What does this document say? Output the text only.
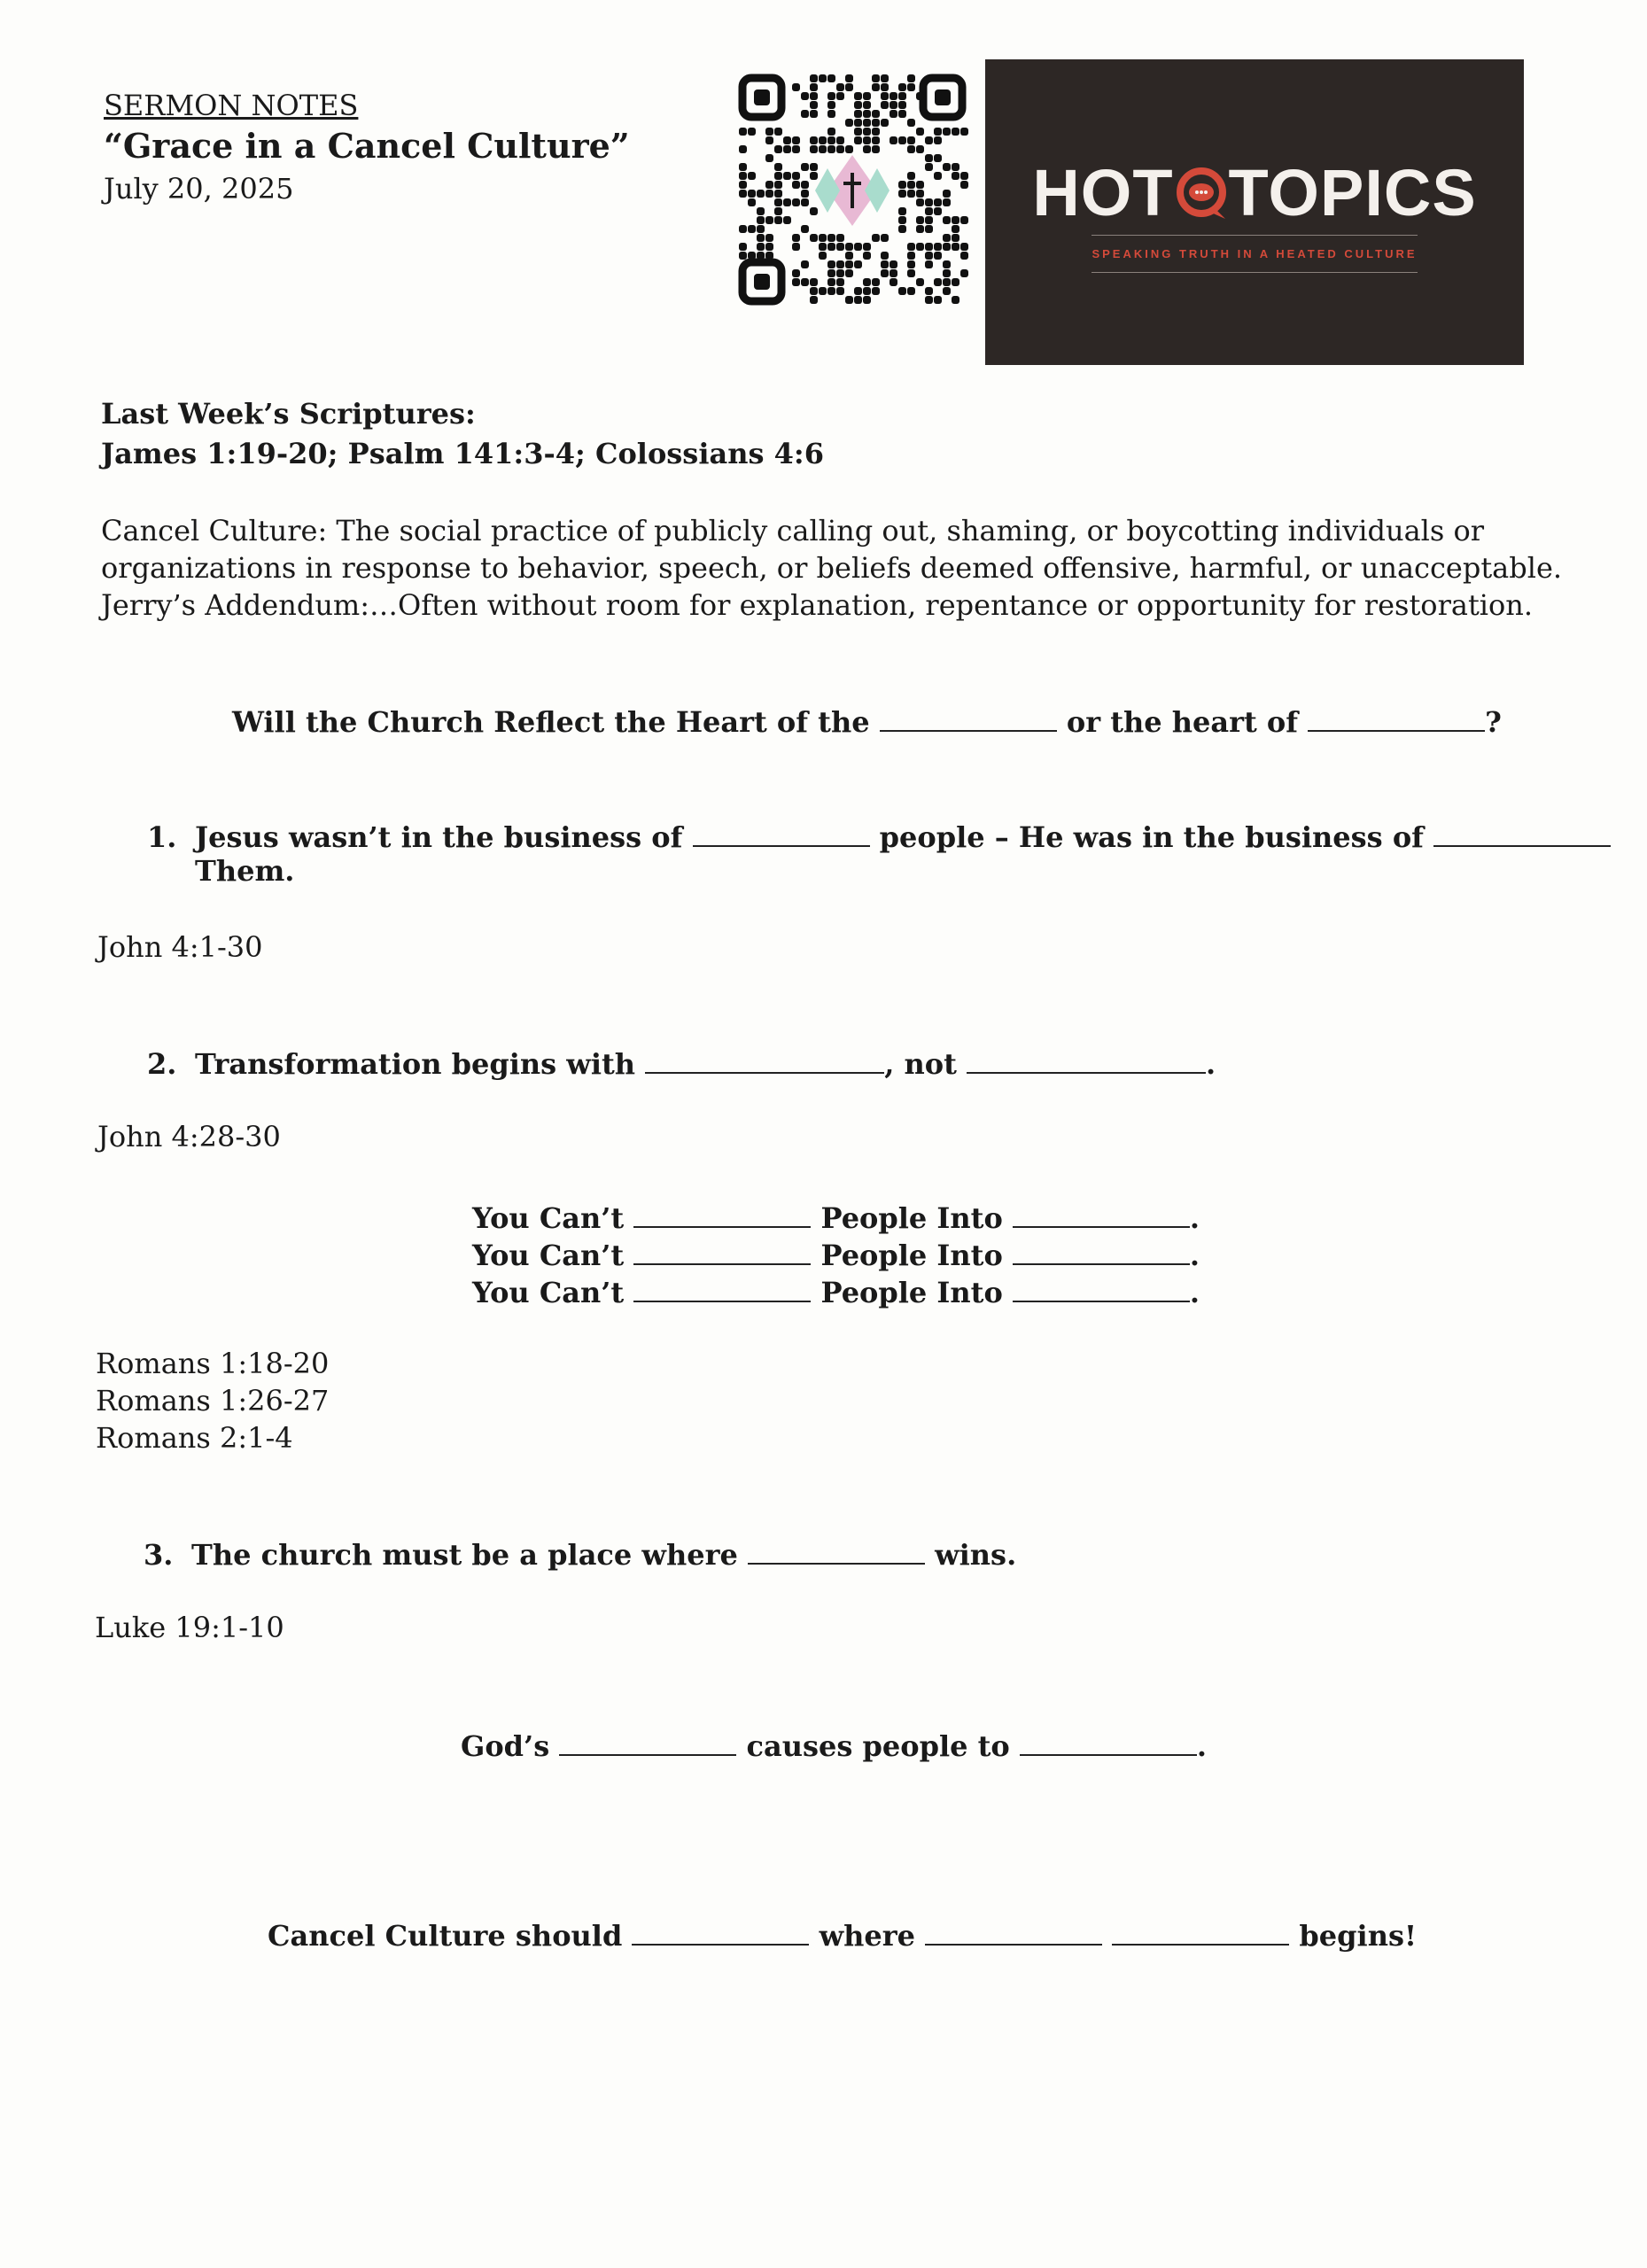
SERMON NOTES
“Grace in a Cancel Culture”
July 20, 2025	HOT TOPICS
SPEAKING TRUTH IN A HEATED CULTURE
Last Week’s Scriptures:
James 1:19-20; Psalm 141:3-4; Colossians 4:6
Cancel Culture: The social practice of publicly calling out, shaming, or boycotting individuals or
organizations in response to behavior, speech, or beliefs deemed offensive, harmful, or unacceptable.
Jerry’s Addendum:…Often without room for explanation, repentance or opportunity for restoration.
Will the Church Reflect the Heart of the	or the heart of	?
1. Jesus wasn’t in the business of	people – He was in the business of
Them.
John 4:1-30
2. Transformation begins with	, not	.
John 4:28-30
You Can’t	People Into	.
You Can’t	People Into	.
You Can’t	People Into	.
Romans 1:18-20
Romans 1:26-27
Romans 2:1-4
3. The church must be a place where	wins.
Luke 19:1-10
God’s	causes people to	.
Cancel Culture should	where	begins!
